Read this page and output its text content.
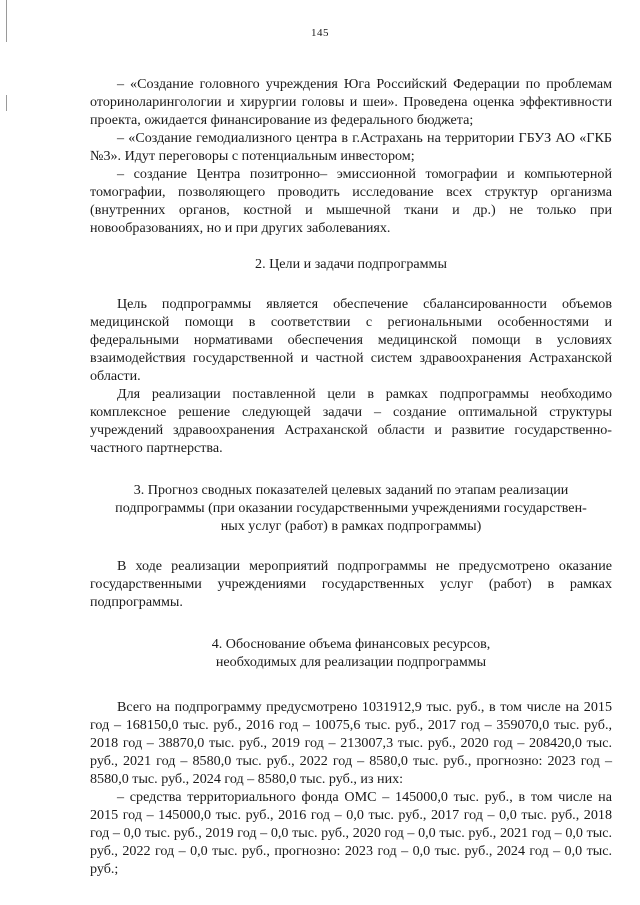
145

– «Создание головного учреждения Юга Российский Федерации по проблемам оториноларингологии и хирургии головы и шеи». Проведена оценка эффективности проекта, ожидается финансирование из федерального бюджета;

– «Создание гемодиализного центра в г.Астрахань на территории ГБУЗ АО «ГКБ №3». Идут переговоры с потенциальным инвестором;

– создание Центра позитронно– эмиссионной томографии и компьютерной томографии, позволяющего проводить исследование всех структур организма (внутренних органов, костной и мышечной ткани и др.) не только при новообразованиях, но и при других заболеваниях.

2. Цели и задачи подпрограммы

Цель подпрограммы является обеспечение сбалансированности объемов медицинской помощи в соответствии с региональными особенностями и федеральными нормативами обеспечения медицинской помощи в условиях взаимодействия государственной и частной систем здравоохранения Астраханской области.

Для реализации поставленной цели в рамках подпрограммы необходимо комплексное решение следующей задачи – создание оптимальной структуры учреждений здравоохранения Астраханской области и развитие государственно-частного партнерства.

3. Прогноз сводных показателей целевых заданий по этапам реализации
подпрограммы (при оказании государственными учреждениями государствен-
ных услуг (работ) в рамках подпрограммы)

В ходе реализации мероприятий подпрограммы не предусмотрено оказание государственными учреждениями государственных услуг (работ) в рамках подпрограммы.

4. Обоснование объема финансовых ресурсов,
необходимых для реализации подпрограммы

Всего на подпрограмму предусмотрено 1031912,9 тыс. руб., в том числе на 2015 год – 168150,0 тыс. руб., 2016 год – 10075,6 тыс. руб., 2017 год – 359070,0 тыс. руб., 2018 год – 38870,0 тыс. руб., 2019 год – 213007,3 тыс. руб., 2020 год – 208420,0 тыс. руб., 2021 год – 8580,0 тыс. руб., 2022 год – 8580,0 тыс. руб., прогнозно: 2023 год – 8580,0 тыс. руб., 2024 год – 8580,0 тыс. руб., из них:

– средства территориального фонда ОМС – 145000,0 тыс. руб., в том числе на 2015 год – 145000,0 тыс. руб., 2016 год – 0,0 тыс. руб., 2017 год – 0,0 тыс. руб., 2018 год – 0,0 тыс. руб., 2019 год – 0,0 тыс. руб., 2020 год – 0,0 тыс. руб., 2021 год – 0,0 тыс. руб., 2022 год – 0,0 тыс. руб., прогнозно: 2023 год – 0,0 тыс. руб., 2024 год – 0,0 тыс. руб.;
